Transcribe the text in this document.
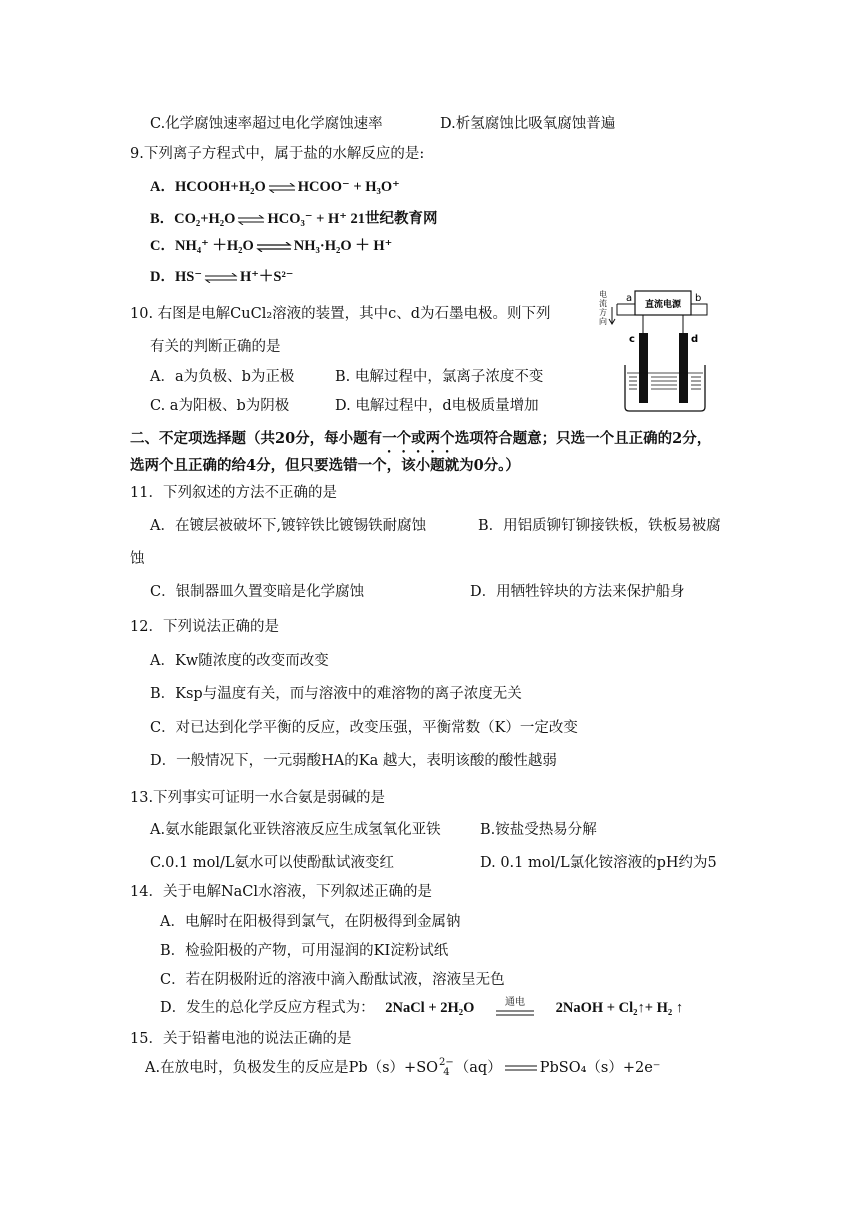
C.化学腐蚀速率超过电化学腐蚀速率	D.析氢腐蚀比吸氧腐蚀普遍
9.下列离子方程式中，属于盐的水解反应的是:
A．HCOOH+H₂O ⇌ HCOO⁻ + H₃O⁺
B．CO₂+H₂O ⇌ HCO₃⁻ + H⁺ 21世纪教育网
C．NH₄⁺ ＋H₂O ⇌ NH₃·H₂O ＋ H⁺
D．HS⁻ ⇌ H⁺＋S²⁻
10. 右图是电解CuCl₂溶液的装置，其中c、d为石墨电极。则下列
有关的判断正确的是
A．a为负极、b为正极	B. 电解过程中，氯离子浓度不变
C. a为阳极、b为阴极	D. 电解过程中，d电极质量增加
电
流
方
向
直流电源
a	b
c	d
二、不定项选择题（共20分，每小题有一个或两个选项符合题意；只选一个且正确的2分，
选两个且正确的给4分，但只要选错一个，该小题就为0分。）
11．下列叙述的方法不正确的是
A．在镀层被破坏下,镀锌铁比镀锡铁耐腐蚀	B．用铝质铆钉铆接铁板，铁板易被腐
蚀
C．银制器皿久置变暗是化学腐蚀	D．用牺牲锌块的方法来保护船身
12．下列说法正确的是
A．Kw随浓度的改变而改变
B．Ksp与温度有关，而与溶液中的难溶物的离子浓度无关
C．对已达到化学平衡的反应，改变压强，平衡常数（K）一定改变
D．一般情况下，一元弱酸HA的Ka 越大，表明该酸的酸性越弱
13.下列事实可证明一水合氨是弱碱的是
A.氨水能跟氯化亚铁溶液反应生成氢氧化亚铁	B.铵盐受热易分解
C.0.1 mol/L氨水可以使酚酞试液变红	D. 0.1 mol/L氯化铵溶液的pH约为5
14．关于电解NaCl水溶液，下列叙述正确的是
A．电解时在阳极得到氯气，在阴极得到金属钠
B．检验阳极的产物，可用湿润的KI淀粉试纸
C．若在阴极附近的溶液中滴入酚酞试液，溶液呈无色
D．发生的总化学反应方程式为： 2NaCl + 2H₂O	通电 2NaOH + Cl₂↑+ H₂ ↑
15．关于铅蓄电池的说法正确的是
A.在放电时，负极发生的反应是Pb（s）+SO2−
4 （aq）	PbSO₄（s）+2e⁻
